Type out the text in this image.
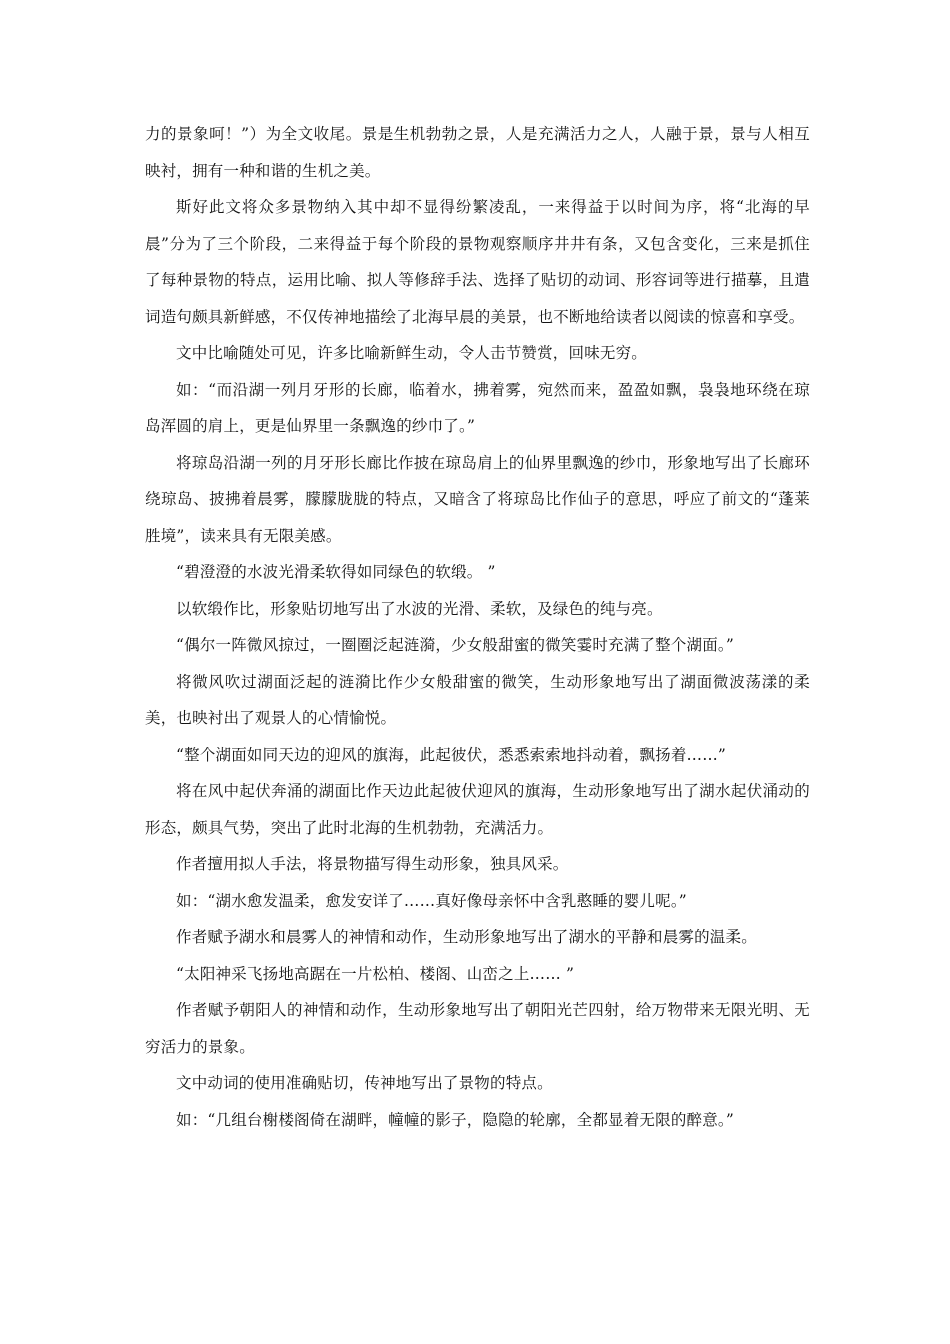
力的景象呵！”）为全文收尾。景是生机勃勃之景，人是充满活力之人，人融于景，景与人相互映衬，拥有一种和谐的生机之美。

斯好此文将众多景物纳入其中却不显得纷繁凌乱，一来得益于以时间为序，将“北海的早晨”分为了三个阶段，二来得益于每个阶段的景物观察顺序井井有条，又包含变化，三来是抓住了每种景物的特点，运用比喻、拟人等修辞手法、选择了贴切的动词、形容词等进行描摹，且遣词造句颇具新鲜感，不仅传神地描绘了北海早晨的美景，也不断地给读者以阅读的惊喜和享受。

文中比喻随处可见，许多比喻新鲜生动，令人击节赞赏，回味无穷。

如：“而沿湖一列月牙形的长廊，临着水，拂着雾，宛然而来，盈盈如飘，袅袅地环绕在琼岛浑圆的肩上，更是仙界里一条飘逸的纱巾了。”

将琼岛沿湖一列的月牙形长廊比作披在琼岛肩上的仙界里飘逸的纱巾，形象地写出了长廊环绕琼岛、披拂着晨雾，朦朦胧胧的特点，又暗含了将琼岛比作仙子的意思，呼应了前文的“蓬莱胜境”，读来具有无限美感。

“碧澄澄的水波光滑柔软得如同绿色的软缎。 ”

以软缎作比，形象贴切地写出了水波的光滑、柔软，及绿色的纯与亮。

“偶尔一阵微风掠过，一圈圈泛起涟漪，少女般甜蜜的微笑霎时充满了整个湖面。”

将微风吹过湖面泛起的涟漪比作少女般甜蜜的微笑，生动形象地写出了湖面微波荡漾的柔美，也映衬出了观景人的心情愉悦。

“整个湖面如同天边的迎风的旗海，此起彼伏，悉悉索索地抖动着，飘扬着……”

将在风中起伏奔涌的湖面比作天边此起彼伏迎风的旗海，生动形象地写出了湖水起伏涌动的形态，颇具气势，突出了此时北海的生机勃勃，充满活力。

作者擅用拟人手法，将景物描写得生动形象，独具风采。

如：“湖水愈发温柔，愈发安详了……真好像母亲怀中含乳憨睡的婴儿呢。”

作者赋予湖水和晨雾人的神情和动作，生动形象地写出了湖水的平静和晨雾的温柔。

“太阳神采飞扬地高踞在一片松柏、楼阁、山峦之上…… ”

作者赋予朝阳人的神情和动作，生动形象地写出了朝阳光芒四射，给万物带来无限光明、无穷活力的景象。

文中动词的使用准确贴切，传神地写出了景物的特点。

如：“几组台榭楼阁倚在湖畔，幢幢的影子，隐隐的轮廓，全都显着无限的醉意。”
